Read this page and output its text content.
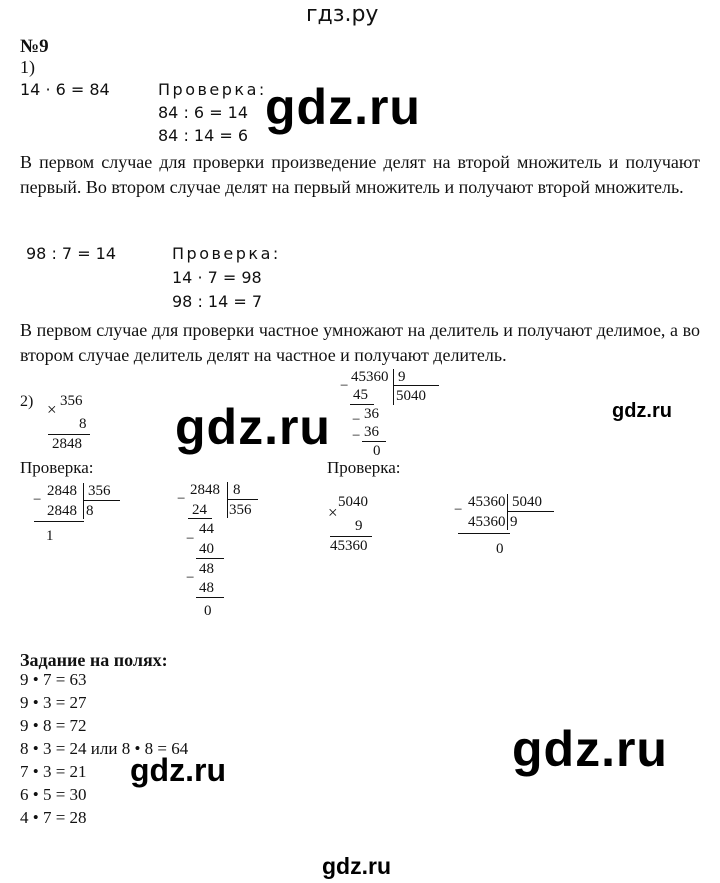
гдз.ру
gdz.ru
gdz.ru	gdz.ru
gdz.ru
gdz.ru
gdz.ru
№9
1)
14 · 6 = 84	Проверка:
84 : 6 = 14
84 : 14 = 6
В первом случае для проверки произведение делят на второй множитель и получают первый. Во втором случае делят на первый множитель и получают второй множитель.
98 : 7 = 14	Проверка:
14 · 7 = 98
98 : 14 = 7
В первом случае для проверки частное умножают на делитель и получают делимое, а во втором случае делитель делят на частное и получают делитель.
2) × 356
8
2848
−
45360 9
5040
45
− 36
− 36
0
Проверка:	Проверка:
−
2848 356
2848 8
1
−
2848 8
356
24
−
44
40
−
48
48
0
×
5040
9
45360
− 45360 5040
45360 9
0
Задание на полях:
9 • 7 = 63
9 • 3 = 27
9 • 8 = 72
8 • 3 = 24 или 8 • 8 = 64
7 • 3 = 21
6 • 5 = 30
4 • 7 = 28
